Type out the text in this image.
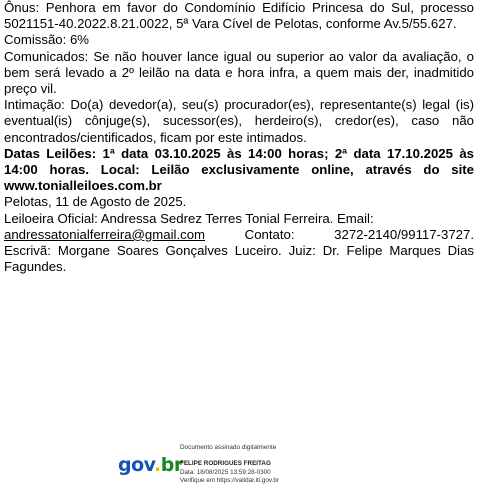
Ônus: Penhora em favor do Condomínio Edifício Princesa do Sul, processo 5021151-40.2022.8.21.0022, 5ª Vara Cível de Pelotas, conforme Av.5/55.627.

Comissão: 6%

Comunicados: Se não houver lance igual ou superior ao valor da avaliação, o bem será levado a 2º leilão na data e hora infra, a quem mais der, inadmitido preço vil.

Intimação: Do(a) devedor(a), seu(s) procurador(es), representante(s) legal (is) eventual(is) cônjuge(s), sucessor(es), herdeiro(s), credor(es), caso não encontrados/cientificados, ficam por este intimados.

Datas Leilões: 1ª data 03.10.2025 às 14:00 horas; 2ª data 17.10.2025 às 14:00 horas. Local: Leilão exclusivamente online, através do site www.tonialleiloes.com.br

Pelotas, 11 de Agosto de 2025.

Leiloeira Oficial: Andressa Sedrez Terres Tonial Ferreira. Email:

andressatonialferreira@gmail.com	Contato:	3272-2140/99117-3727.

Escrivã: Morgane Soares Gonçalves Luceiro. Juiz: Dr. Felipe Marques Dias Fagundes.

Documento assinado digitalmente
gov.br
FELIPE RODRIGUES FREITAG
Data: 18/08/2025 13:59:28-0300
Verifique em https://validar.iti.gov.br
